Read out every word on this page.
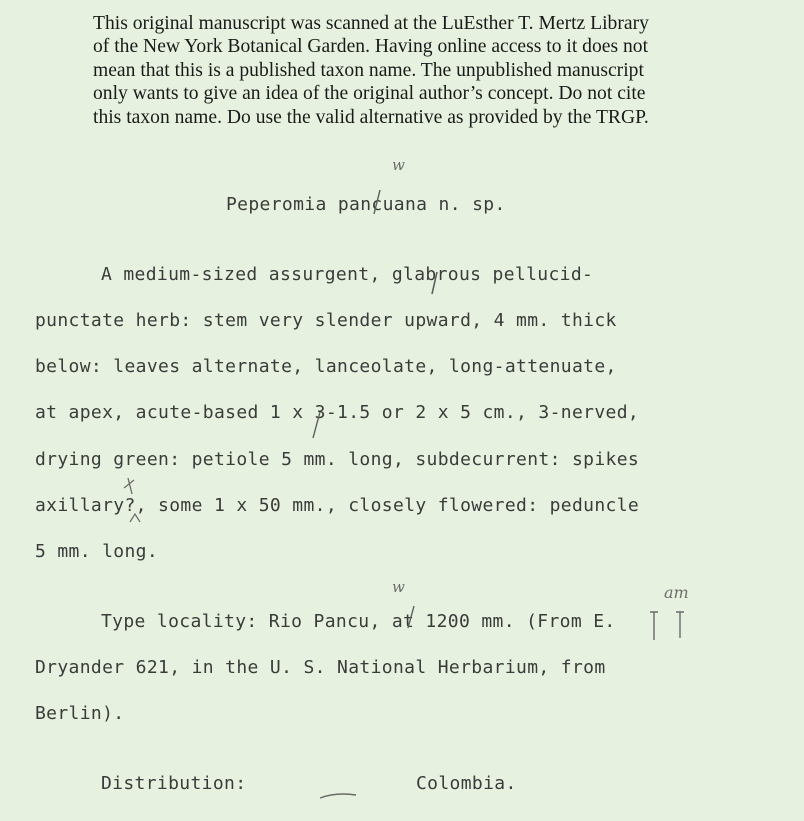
This original manuscript was scanned at the LuEsther T. Mertz Library
of the New York Botanical Garden. Having online access to it does not
mean that this is a published taxon name. The unpublished manuscript
only wants to give an idea of the original author’s concept. Do not cite
this taxon name. Do use the valid alternative as provided by the TRGP.
Peperomia pancuana n. sp.
A medium-sized assurgent, glabrous pellucid-
punctate herb: stem very slender upward, 4 mm. thick
below: leaves alternate, lanceolate, long-attenuate,
at apex, acute-based 1 x 3-1.5 or 2 x 5 cm., 3-nerved,
drying green: petiole 5 mm. long, subdecurrent: spikes
axillary?, some 1 x 50 mm., closely flowered: peduncle
5 mm. long.
Type locality: Rio Pancu, at 1200 mm. (From E.
Dryander 621, in the U. S. National Herbarium, from
Berlin).
Distribution:	Colombia.
w
w	am
